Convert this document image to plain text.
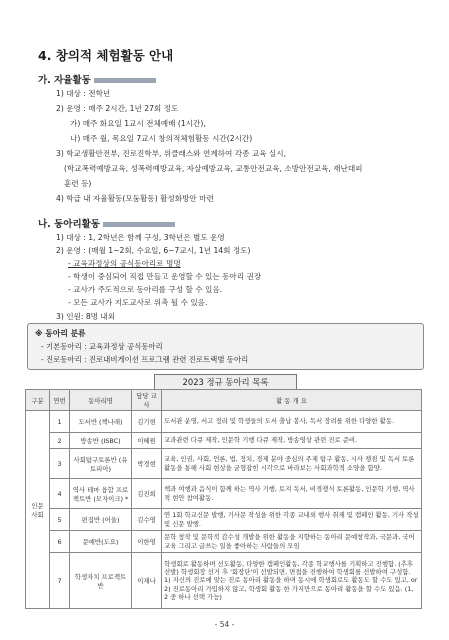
4. 창의적 체험활동 안내
가. 자율활동
1) 대상 : 전학년
2) 운영 : 매주 2시간, 1년 27회 정도
가) 매주 화요일 1교시 전체예배 (1시간),
나) 매주 월, 목요일 7교시 창의적체험활동 시간(2시간)
3) 학교생활안전부, 진로진학부, 위클래스와 연계하여 각종 교육 실시,
(학교폭력예방교육, 성폭력예방교육, 자살예방교육, 교통안전교육, 소방안전교육, 재난대피
훈련 등)
4) 학급 내 자율활동(모둠활동) 활성화방안 마련
나. 동아리활동
1) 대상 : 1, 2학년은 함께 구성, 3학년은 별도 운영
2) 운영 : (매월 1~2회, 수요일, 6~7교시, 1년 14회 정도)
- 교육과정상의 공식동아리로 명명
- 학생이 중심되어 직접 만들고 운영할 수 있는 동아리 권장
- 교사가 주도적으로 동아리를 구성 할 수 있음.
- 모든 교사가 지도교사로 위촉 될 수 있음.
※ 동아리 분류
- 기본동아리 : 교육과정상 공식동아리
- 진로동아리 : 진로내비게이션 프로그램 관련 진로트랙별 동아리
2023 정규 동아리 목록
구분	연번	동아리명	담당 교사	활 동 개 요
인문 사회	1	도서반 (책나래)	김기현	도서관 운영, 서고 정리 및 학생들의 도서 출납 봉사, 독서 장려를 위한 다양한 활동.
	2	방송반 (ISBC)	이혜원	교과관련 다큐 제작, 인문학 기행 다큐 제작, 방송영상 관련 진로 준비.
	3	사회탐구토론반 (유토피아)	박경현	교육, 인권, 사회, 언론, 법, 정치, 경제 분야 중심의 주제 탐구 활동, 시사 쟁점 및 독서 토론 활동을 통해 사회 현상을 균형잡힌 시각으로 바라보는 사회과학적 소양을 함양.
	4	역사 테마 융합 프로젝트반 (모자이크) *	김진희	책과 여행과 음식이 함께 하는 역사 기행, 토지 독서, 비경쟁식 토론활동, 인문학 기행, 역사적 현안 참여활동.
	5	편집반 (어울)	김수영	연 1회 학교신문 발행, 기사문 작성을 위한 각종 교내외 행사 취재 및 캠페인 활동, 기사 작성 및 신문 발행.
	6	문예반(도요)	이한영	문학 창작 및 문학적 감수성 개발을 위한 활동을 지향하는 동아리 문예창작과, 국문과, 국어교육 그리고 글쓰는 일을 좋아하는 사람들의 모임
	7	학생자치 프로젝트반	이재나	학생회로 활동하며 선도활동, 다양한 캠페인활동, 각종 학교행사를 기획하고 진행함. (추후 선발) 학생회장 선거 후 '회장단'이 선발되면, 면접을 진행하여 학생회를 선발하여 구성함. 1) 자신의 진로에 맞는 진로 동아리 활동을 하며 동시에 학생회로도 활동도 할 수도 있고, or 2) 진로동아리 가입하지 않고, 학생회 활동 한 가지만으로 동아리 활동을 할 수도 있음. (1, 2 중 하나 선택 가능)
- 54 -
3) 인원: 8명 내외
